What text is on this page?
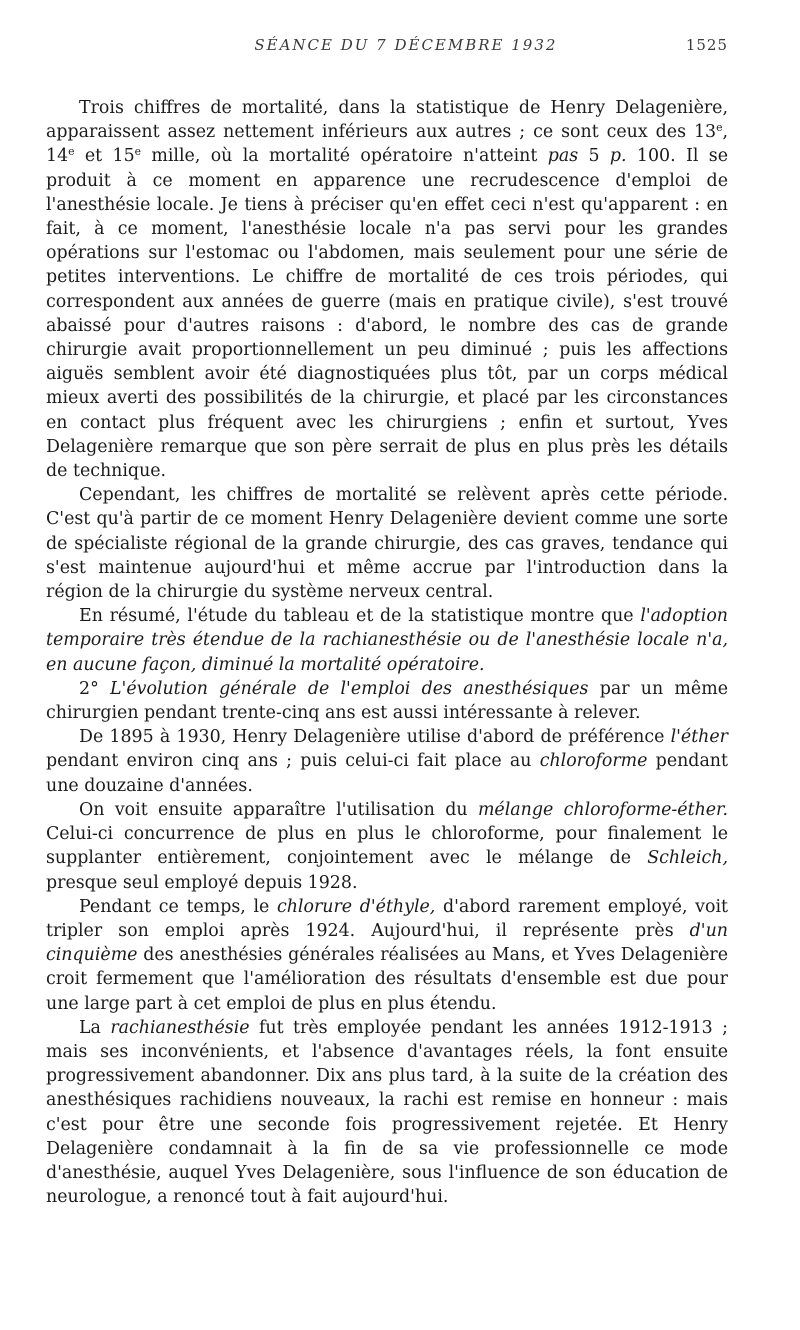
SÉANCE DU 7 DÉCEMBRE 1932	1525

Trois chiffres de mortalité, dans la statistique de Henry Delagenière, apparaissent assez nettement inférieurs aux autres ; ce sont ceux des 13e, 14e et 15e mille, où la mortalité opératoire n'atteint pas 5 p. 100. Il se produit à ce moment en apparence une recrudescence d'emploi de l'anesthésie locale. Je tiens à préciser qu'en effet ceci n'est qu'apparent : en fait, à ce moment, l'anesthésie locale n'a pas servi pour les grandes opérations sur l'estomac ou l'abdomen, mais seulement pour une série de petites interventions. Le chiffre de mortalité de ces trois périodes, qui correspondent aux années de guerre (mais en pratique civile), s'est trouvé abaissé pour d'autres raisons : d'abord, le nombre des cas de grande chirurgie avait proportionnellement un peu diminué ; puis les affections aiguës semblent avoir été diagnostiquées plus tôt, par un corps médical mieux averti des possibilités de la chirurgie, et placé par les circonstances en contact plus fréquent avec les chirurgiens ; enfin et surtout, Yves Delagenière remarque que son père serrait de plus en plus près les détails de technique.

Cependant, les chiffres de mortalité se relèvent après cette période. C'est qu'à partir de ce moment Henry Delagenière devient comme une sorte de spécialiste régional de la grande chirurgie, des cas graves, tendance qui s'est maintenue aujourd'hui et même accrue par l'introduction dans la région de la chirurgie du système nerveux central.

En résumé, l'étude du tableau et de la statistique montre que l'adoption temporaire très étendue de la rachianesthésie ou de l'anesthésie locale n'a, en aucune façon, diminué la mortalité opératoire.

2° L'évolution générale de l'emploi des anesthésiques par un même chirurgien pendant trente-cinq ans est aussi intéressante à relever.

De 1895 à 1930, Henry Delagenière utilise d'abord de préférence l'éther pendant environ cinq ans ; puis celui-ci fait place au chloroforme pendant une douzaine d'années.

On voit ensuite apparaître l'utilisation du mélange chloroforme-éther. Celui-ci concurrence de plus en plus le chloroforme, pour finalement le supplanter entièrement, conjointement avec le mélange de Schleich, presque seul employé depuis 1928.

Pendant ce temps, le chlorure d'éthyle, d'abord rarement employé, voit tripler son emploi après 1924. Aujourd'hui, il représente près d'un cinquième des anesthésies générales réalisées au Mans, et Yves Delagenière croit fermement que l'amélioration des résultats d'ensemble est due pour une large part à cet emploi de plus en plus étendu.

La rachianesthésie fut très employée pendant les années 1912-1913 ; mais ses inconvénients, et l'absence d'avantages réels, la font ensuite progressivement abandonner. Dix ans plus tard, à la suite de la création des anesthésiques rachidiens nouveaux, la rachi est remise en honneur : mais c'est pour être une seconde fois progressivement rejetée. Et Henry Delagenière condamnait à la fin de sa vie professionnelle ce mode d'anesthésie, auquel Yves Delagenière, sous l'influence de son éducation de neurologue, a renoncé tout à fait aujourd'hui.
